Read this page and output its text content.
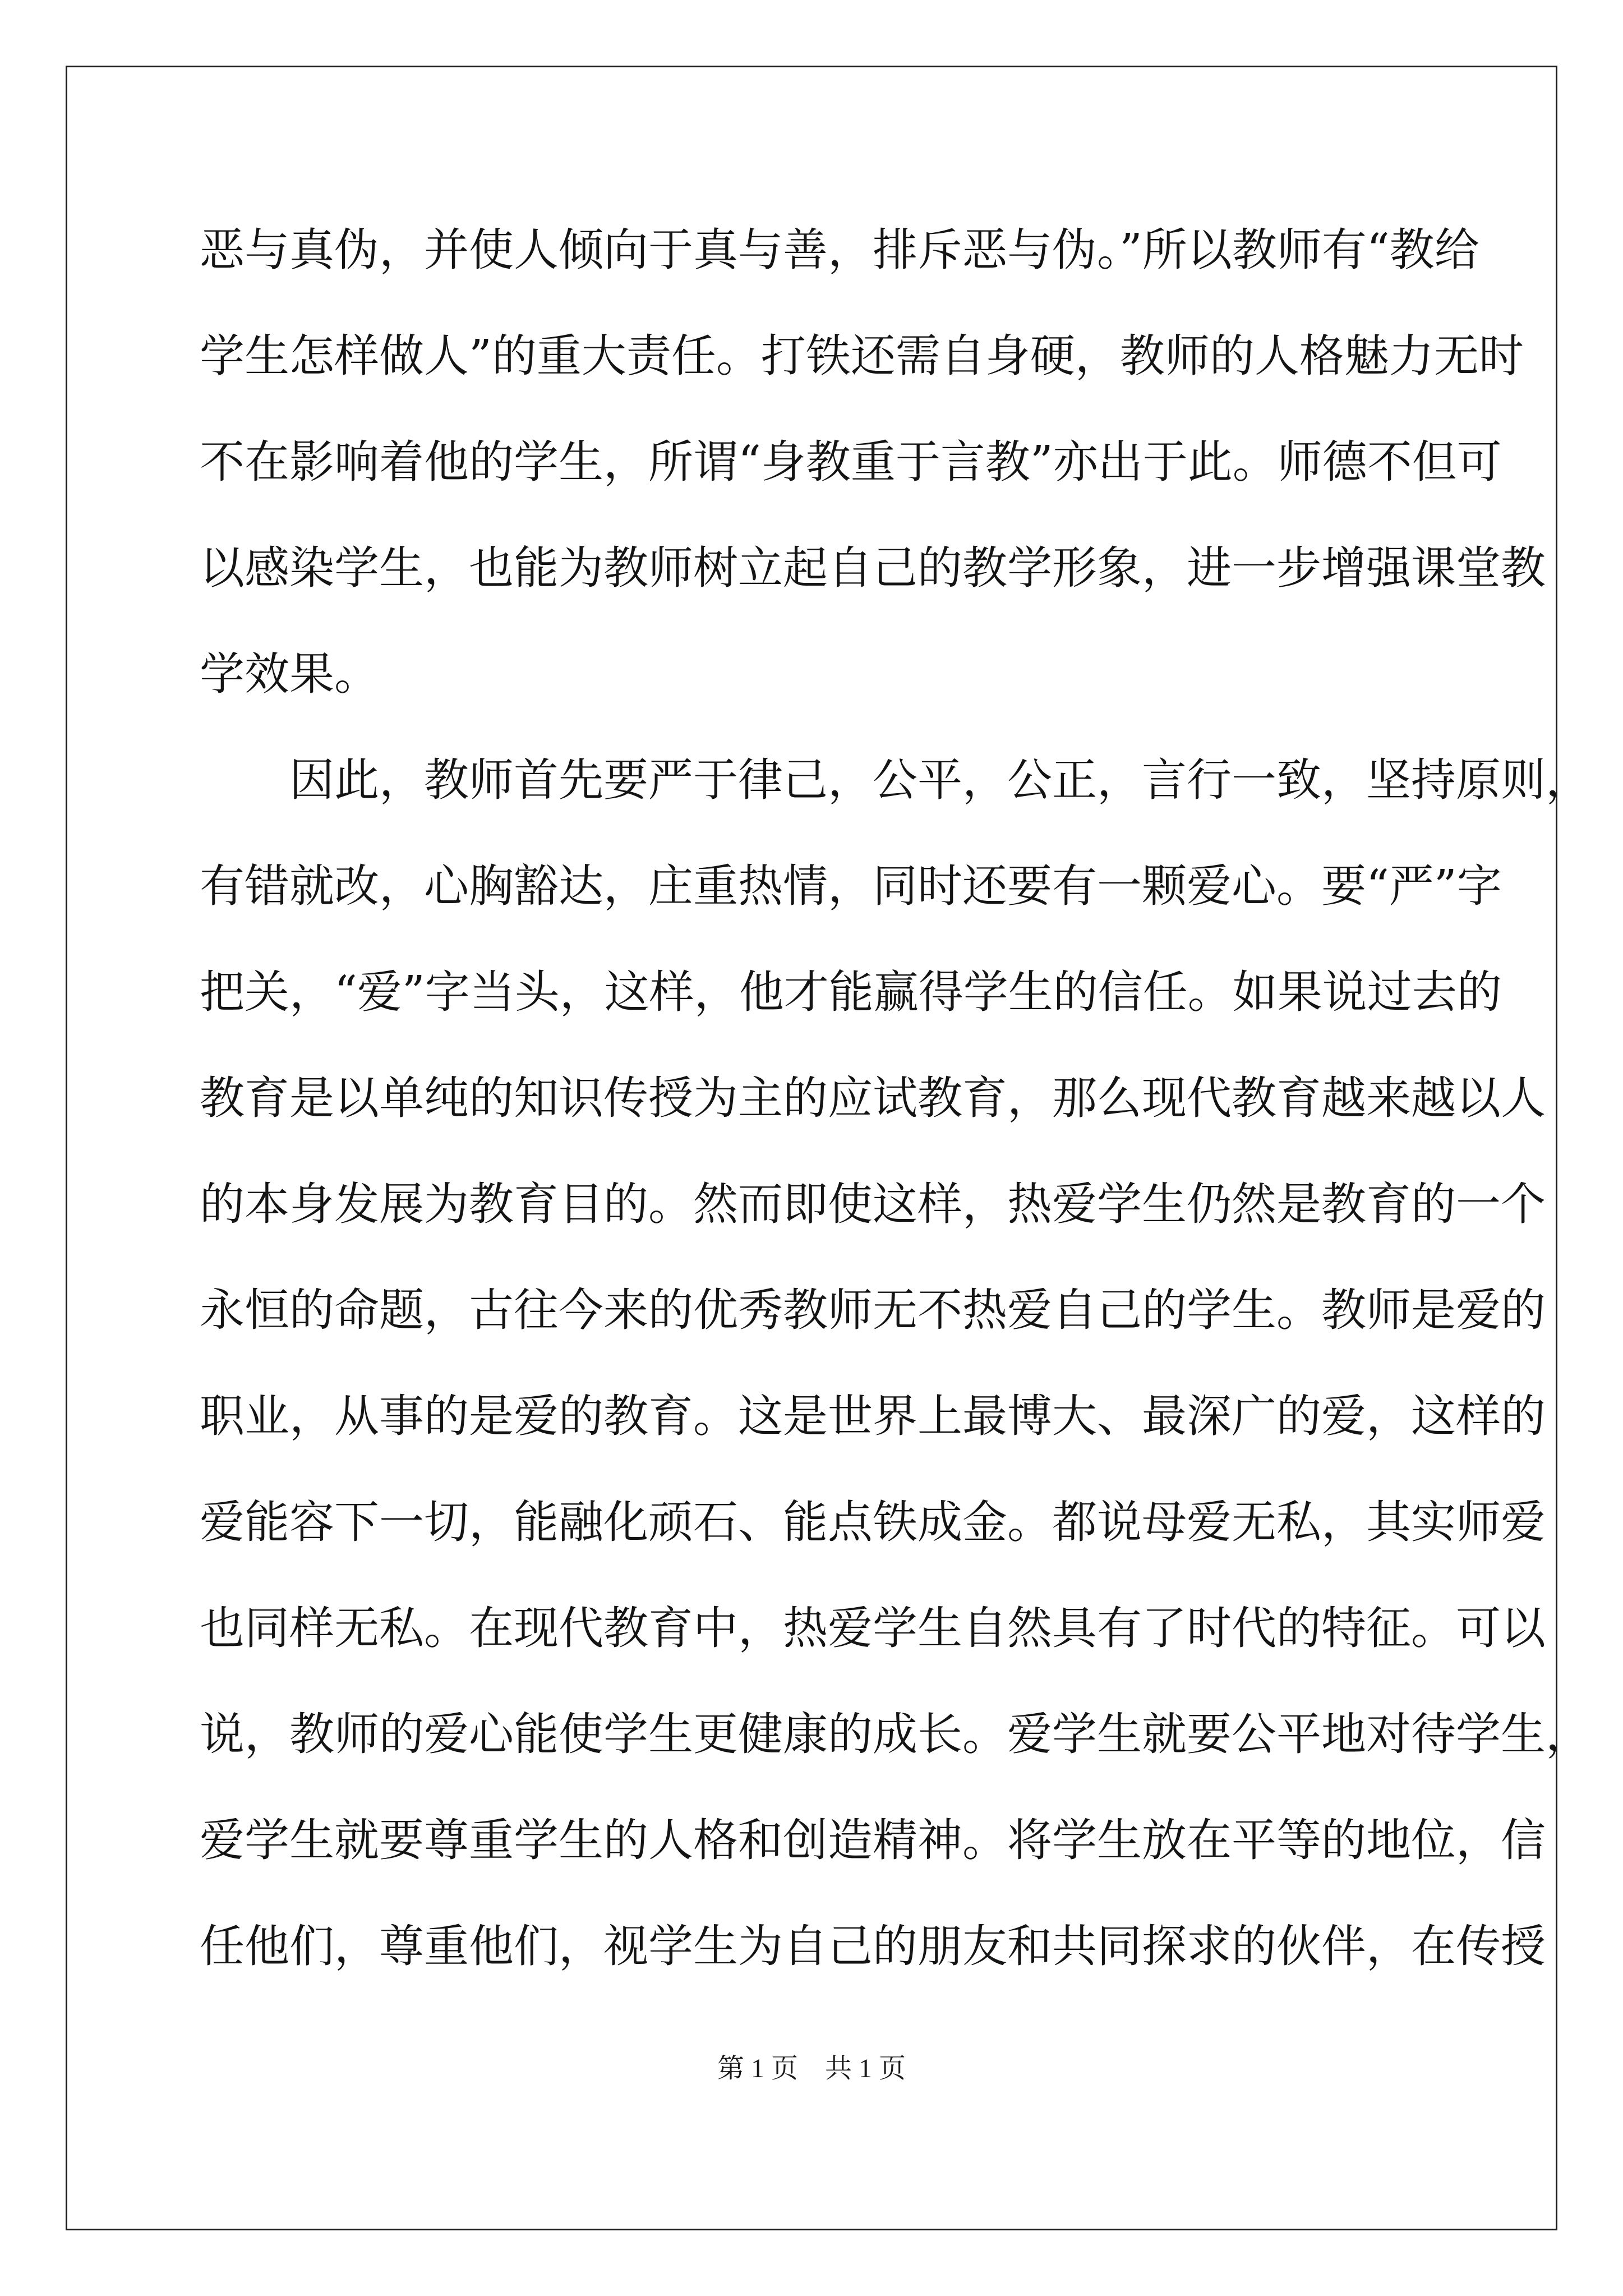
恶与真伪，并使人倾向于真与善，排斥恶与伪。”所以教师有“教给

学生怎样做人”的重大责任。打铁还需自身硬，教师的人格魅力无时

不在影响着他的学生，所谓“身教重于言教”亦出于此。师德不但可

以感染学生，也能为教师树立起自己的教学形象，进一步增强课堂教

学效果。

　　因此，教师首先要严于律己，公平，公正，言行一致，坚持原则，

有错就改，心胸豁达，庄重热情，同时还要有一颗爱心。要“严”字

把关，“爱”字当头，这样，他才能赢得学生的信任。如果说过去的

教育是以单纯的知识传授为主的应试教育，那么现代教育越来越以人

的本身发展为教育目的。然而即使这样，热爱学生仍然是教育的一个

永恒的命题，古往今来的优秀教师无不热爱自己的学生。教师是爱的

职业，从事的是爱的教育。这是世界上最博大、最深广的爱，这样的

爱能容下一切，能融化顽石、能点铁成金。都说母爱无私，其实师爱

也同样无私。在现代教育中，热爱学生自然具有了时代的特征。可以

说，教师的爱心能使学生更健康的成长。爱学生就要公平地对待学生，

爱学生就要尊重学生的人格和创造精神。将学生放在平等的地位，信

任他们，尊重他们，视学生为自己的朋友和共同探求的伙伴，在传授

第 1 页　共 1 页
